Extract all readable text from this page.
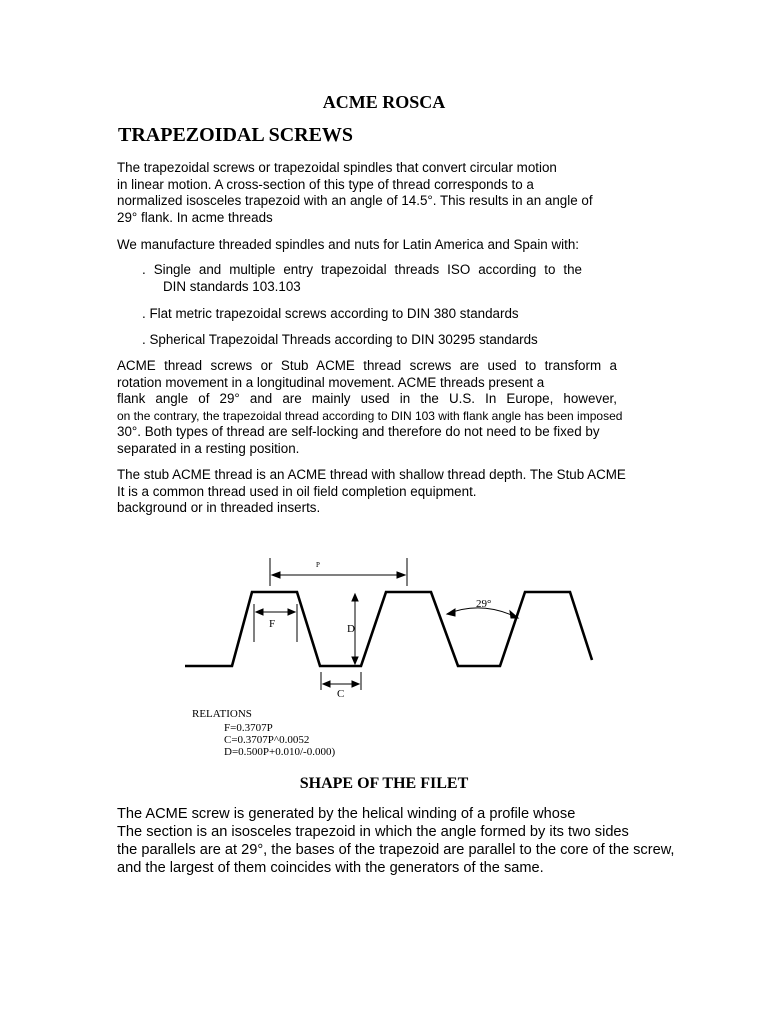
ACME ROSCA
TRAPEZOIDAL SCREWS
The trapezoidal screws or trapezoidal spindles that convert circular motion
in linear motion. A cross-section of this type of thread corresponds to a
normalized isosceles trapezoid with an angle of 14.5°. This results in an angle of
29° flank. In acme threads
We manufacture threaded spindles and nuts for Latin America and Spain with:
. Single and multiple entry trapezoidal threads ISO according to the
DIN standards 103.103
. Flat metric trapezoidal screws according to DIN 380 standards
. Spherical Trapezoidal Threads according to DIN 30295 standards
ACME thread screws or Stub ACME thread screws are used to transform a
rotation movement in a longitudinal movement. ACME threads present a
flank angle of 29° and are mainly used in the U.S. In Europe, however,
on the contrary, the trapezoidal thread according to DIN 103 with flank angle has been imposed
30°. Both types of thread are self-locking and therefore do not need to be fixed by
separated in a resting position.
The stub ACME thread is an ACME thread with shallow thread depth. The Stub ACME
It is a common thread used in oil field completion equipment.
background or in threaded inserts.
P
F	D
C
29°
RELATIONS
F=0.3707P
C=0.3707P^0.0052
D=0.500P+0.010/-0.000)
SHAPE OF THE FILET
The ACME screw is generated by the helical winding of a profile whose
The section is an isosceles trapezoid in which the angle formed by its two sides
the parallels are at 29°, the bases of the trapezoid are parallel to the core of the screw,
and the largest of them coincides with the generators of the same.
